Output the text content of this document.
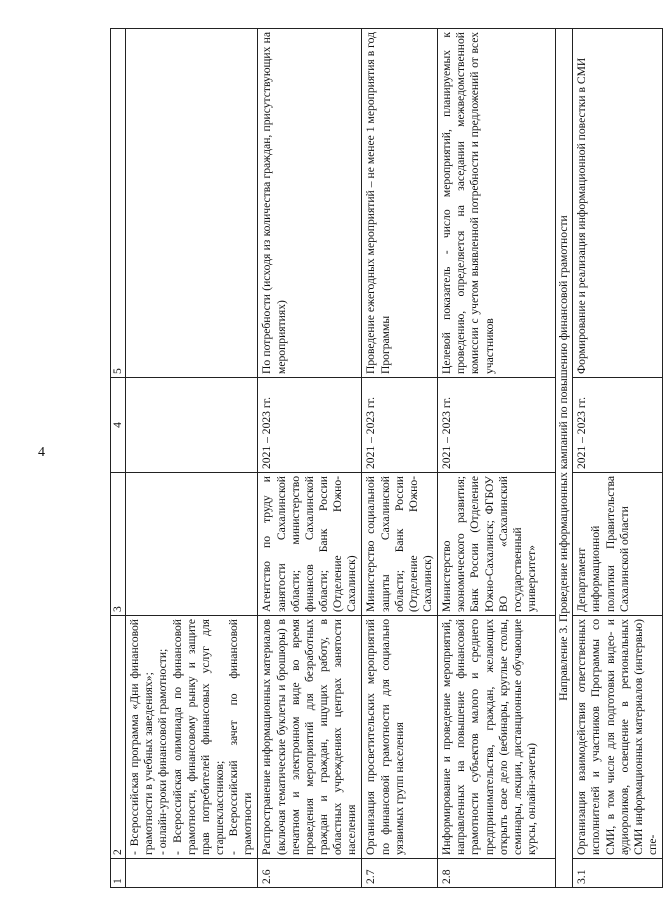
4
1	2	3	4	5

	- Всероссийская программа «Дни финансовой грамотности в учебных заведениях»; - онлайн-уроки финансовой грамотности; - Всероссийская олимпиада по финансовой грамотности, финансовому рынку и защите прав потребителей финансовых услуг для старшеклассников; - Всероссийский зачет по финансовой грамотности			

2.6	Распространение информационных материалов (включая тематические буклеты и брошюры) в печатном и электронном виде во время проведения мероприятий для безработных граждан и граждан, ищущих работу, в областных учреждениях центрах занятости населения	Агентство по труду и занятости Сахалинской области; министерство финансов Сахалинской области; Банк России (Отделение Южно-Сахалинск)	2021 – 2023 гг.	По потребности (исходя из количества граждан, присутствующих на мероприятиях)
2.7	Организация просветительских мероприятий по финансовой грамотности для социально уязвимых групп населения	Министерство социальной защиты Сахалинской области; Банк России (Отделение Южно-Сахалинск)	2021 – 2023 гг.	Проведение ежегодных мероприятий – не менее 1 мероприятия в год Программы
2.8	Информирование и проведение мероприятий, направленных на повышение финансовой грамотности субъектов малого и среднего предпринимательства, граждан, желающих открыть свое дело (вебинары, круглые столы, семинары, лекции, дистанционные обучающие курсы, онлайн-зачеты)	Министерство экономического развития; Банк России (Отделение Южно-Сахалинск; ФГБОУ ВО «Сахалинский государственный университет»	2021 – 2023 гг.	Целевой показатель - число мероприятий, планируемых к проведению, определяется на заседании межведомственной комиссии с учетом выявленной потребности и предложений от всех участников
Направление 3. Проведение информационных кампаний по повышению финансовой грамотности				
3.1	Организация взаимодействия ответственных исполнителей и участников Программы со СМИ, в том числе для подготовки видео- и аудиороликов, освещение в региональных СМИ информационных материалов (интервью) спе-	Департамент информационной политики Правительства Сахалинской области	2021 – 2023 гг.	Формирование и реализация информационной повестки в СМИ
